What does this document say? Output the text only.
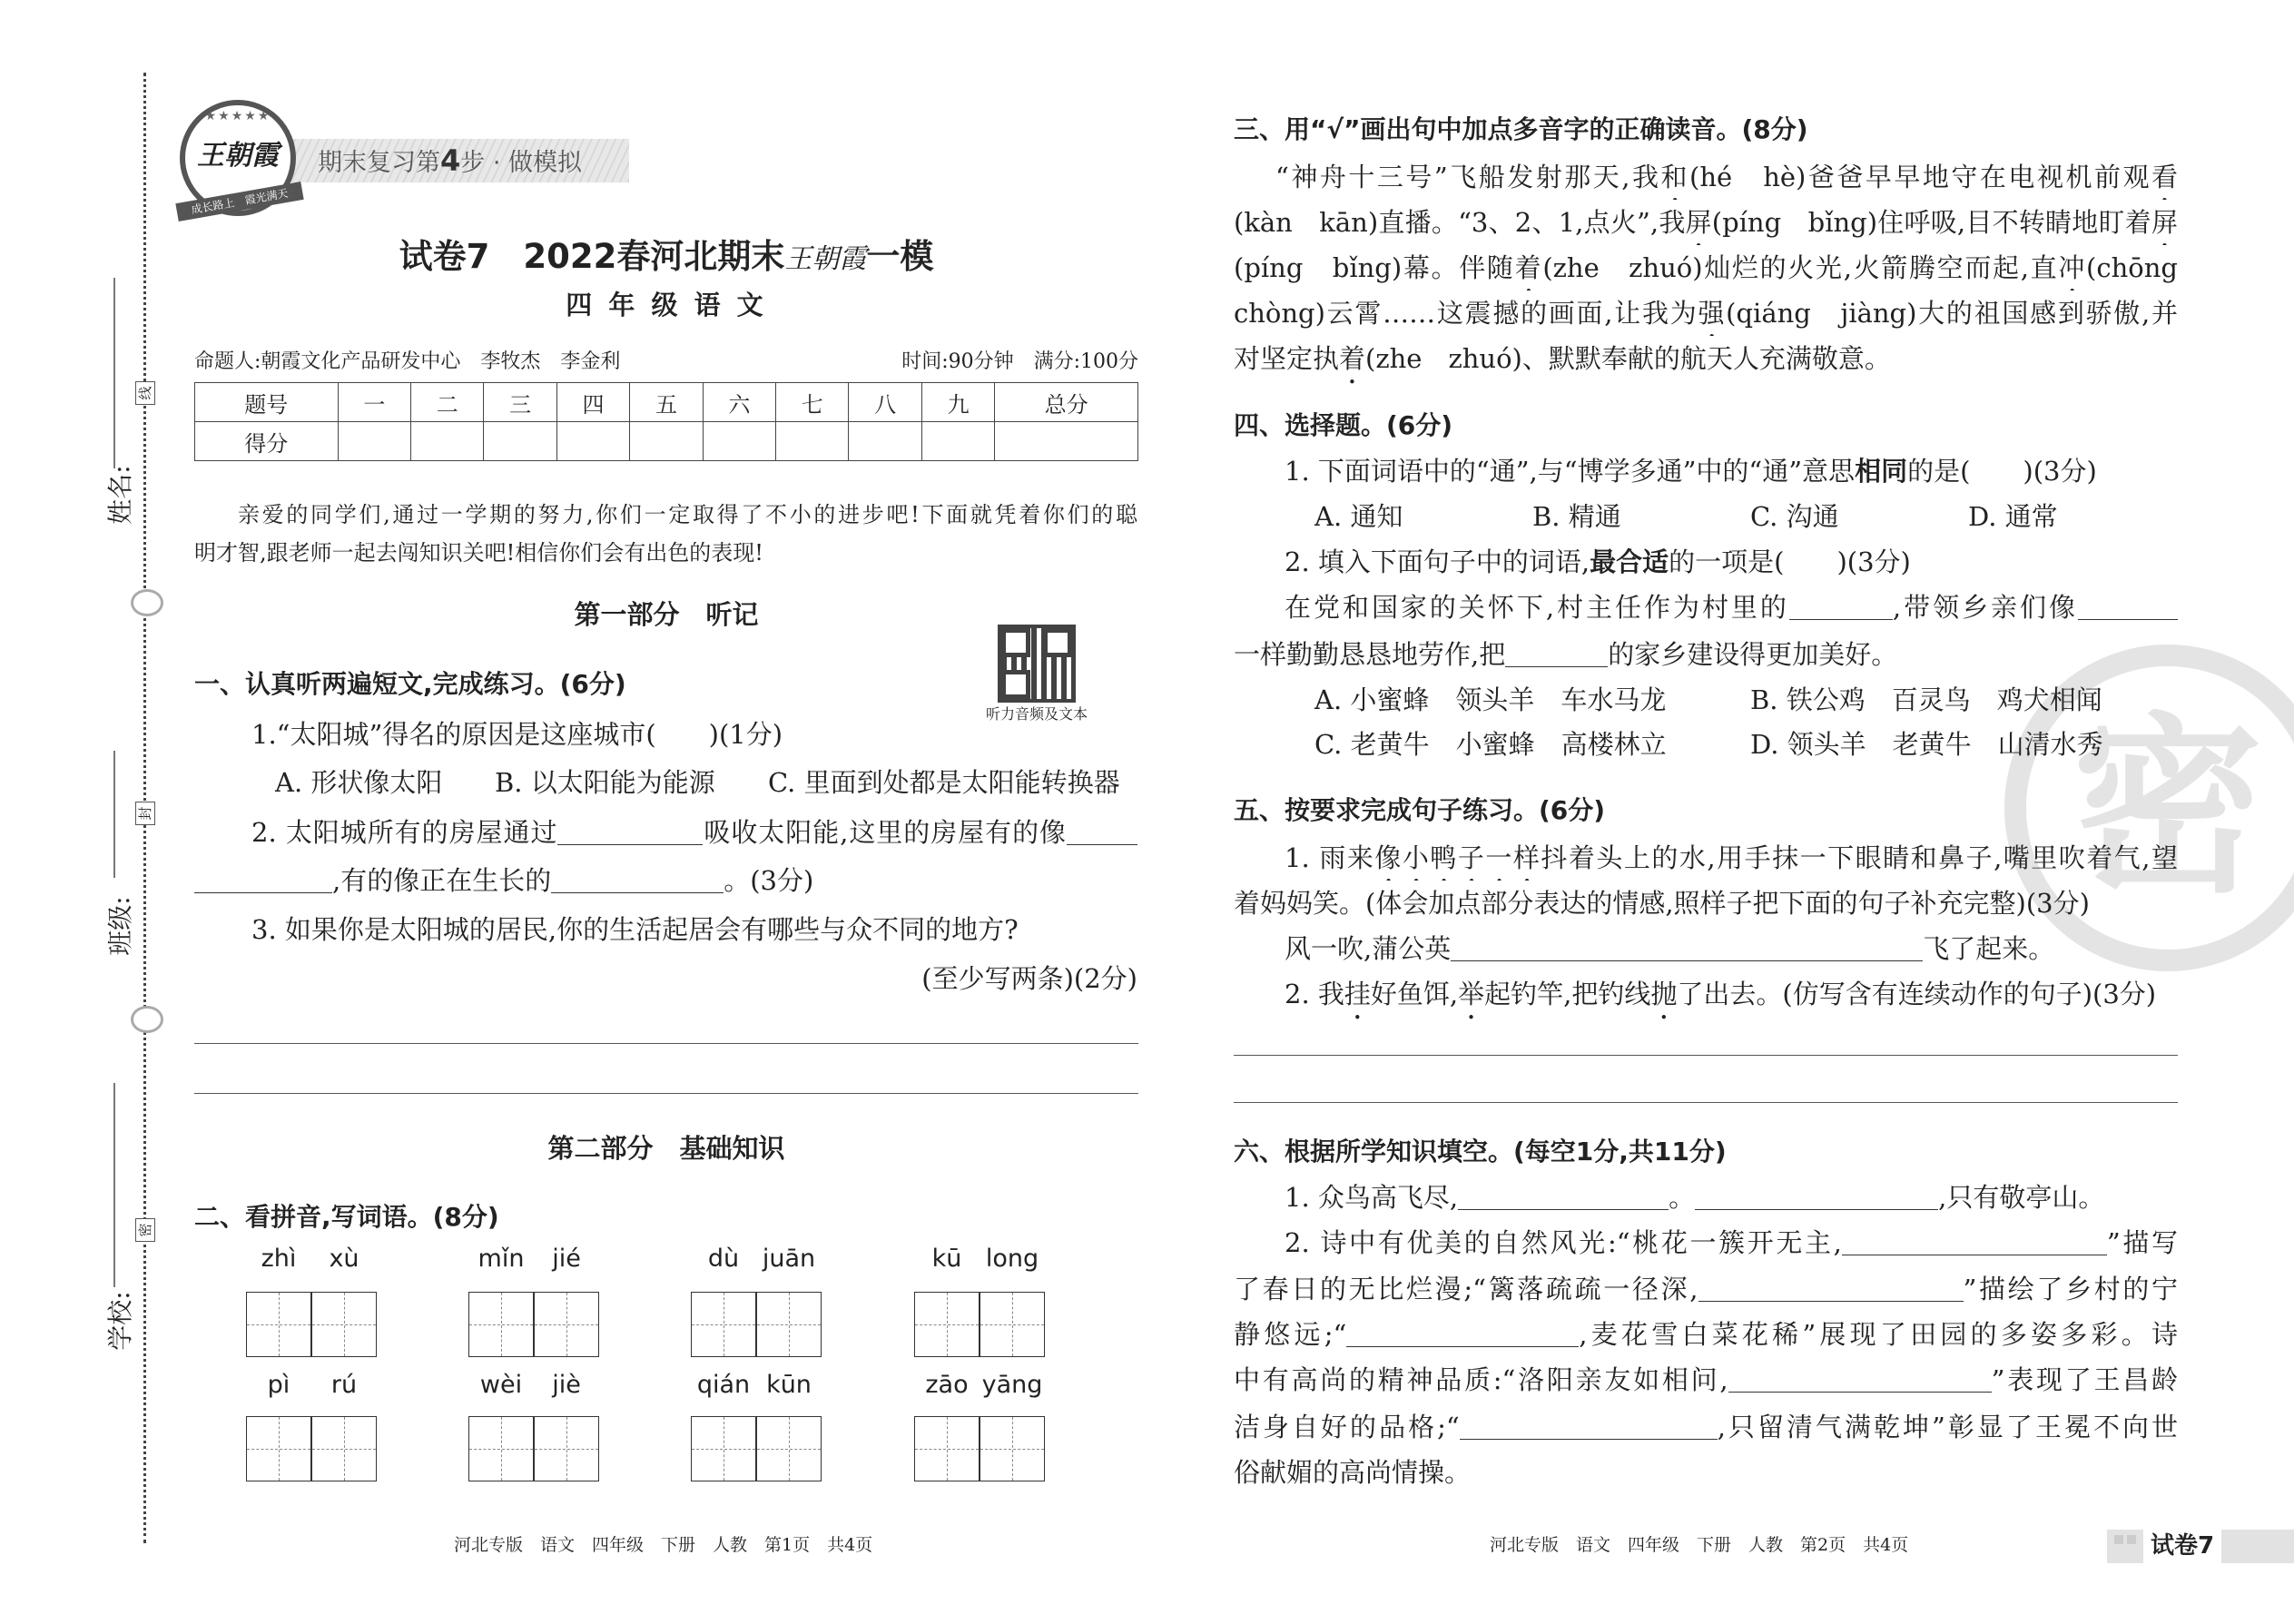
线
封
密
姓名:
班级:
学校:
期末复习第4步 · 做模拟
★★★★★
王朝霞
成长路上　霞光满天
试卷7　2022春河北期末王朝霞一模
四 年 级 语 文
命题人:朝霞文化产品研发中心　李牧杰　李金利	时间:90分钟　满分:100分
题号	一	二	三	四	五	六	七	八	九	总分
得分										
亲爱的同学们,通过一学期的努力,你们一定取得了不小的进步吧!下面就凭着你们的聪
明才智,跟老师一起去闯知识关吧!相信你们会有出色的表现!
第一部分　听记
听力音频及文本
一、认真听两遍短文,完成练习。(6分)
1.“太阳城”得名的原因是这座城市(　　)(1分)
A. 形状像太阳 B. 以太阳能为能源 C. 里面到处都是太阳能转换器
2. 太阳城所有的房屋通过	吸收太阳能,这里的房屋有的像
,有的像正在生长的	。(3分)
3. 如果你是太阳城的居民,你的生活起居会有哪些与众不同的地方?
(至少写两条)(2分)
第二部分　基础知识
二、看拼音,写词语。(8分)
zhì	xù	mǐn	jié	dù juān	kū long
pì	rú	wèi	jiè	qián kūn	zāo yāng
河北专版　语文　四年级　下册　人教　第1页　共4页
密
三、用“√”画出句中加点多音字的正确读音。(8分)
“神舟十三号”飞船发射那天,我和(hé　hè)爸爸早早地守在电视机前观看
(kàn　kān)直播。“3、2、1,点火”,我屏(píng　bǐng)住呼吸,目不转睛地盯着屏
(píng　bǐng)幕。伴随着(zhe　zhuó)灿烂的火光,火箭腾空而起,直冲(chōng
chòng)云霄……这震撼的画面,让我为强(qiáng　jiàng)大的祖国感到骄傲,并
对坚定执着(zhe　zhuó)、默默奉献的航天人充满敬意。
四、选择题。(6分)
1. 下面词语中的“通”,与“博学多通”中的“通”意思相同的是(　　)(3分)
A. 通知	B. 精通	C. 沟通	D. 通常
2. 填入下面句子中的词语,最合适的一项是(　　)(3分)
在党和国家的关怀下,村主任作为村里的	,带领乡亲们像
一样勤勤恳恳地劳作,把	的家乡建设得更加美好。
A. 小蜜蜂　领头羊　车水马龙	B. 铁公鸡　百灵鸟　鸡犬相闻
C. 老黄牛　小蜜蜂　高楼林立	D. 领头羊　老黄牛　山清水秀
五、按要求完成句子练习。(6分)
1. 雨来像小鸭子一样抖着头上的水,用手抹一下眼睛和鼻子,嘴里吹着气,望
着妈妈笑。(体会加点部分表达的情感,照样子把下面的句子补充完整)(3分)
风一吹,蒲公英	飞了起来。
2. 我挂好鱼饵,举起钓竿,把钓线抛了出去。(仿写含有连续动作的句子)(3分)
六、根据所学知识填空。(每空1分,共11分)
1. 众鸟高飞尽,	。	,只有敬亭山。
2. 诗中有优美的自然风光:“桃花一簇开无主,	”描写
了春日的无比烂漫;“篱落疏疏一径深,	”描绘了乡村的宁
静悠远;“	,麦花雪白菜花稀”展现了田园的多姿多彩。诗
中有高尚的精神品质:“洛阳亲友如相问,	”表现了王昌龄
洁身自好的品格;“	,只留清气满乾坤”彰显了王冕不向世
俗献媚的高尚情操。
河北专版　语文　四年级　下册　人教　第2页　共4页	试卷7
